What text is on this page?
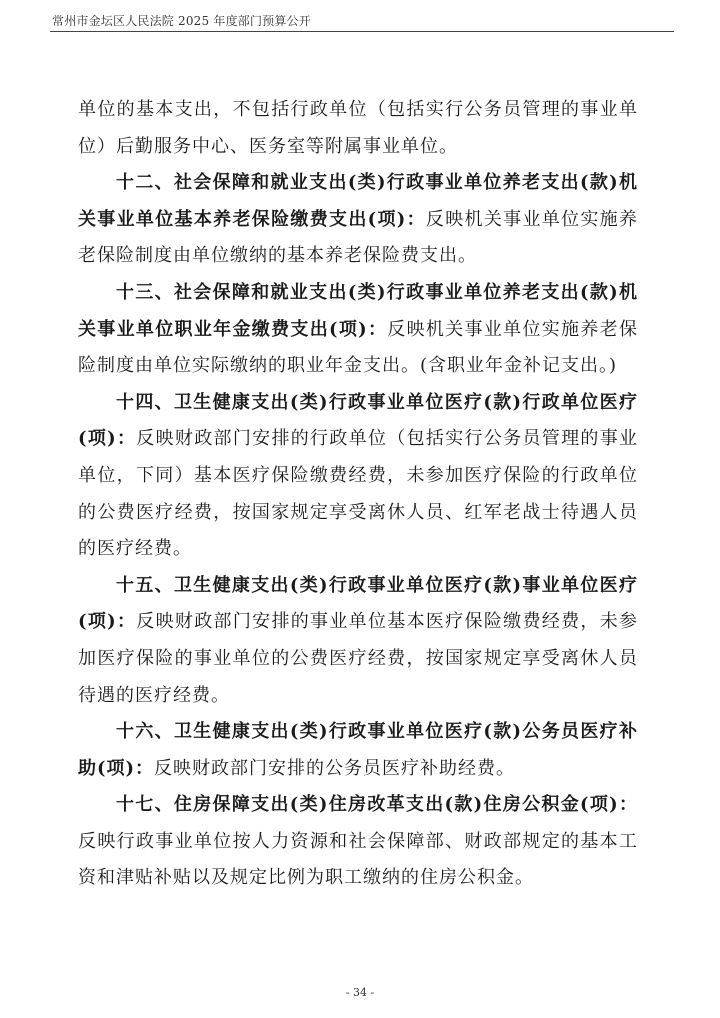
常州市金坛区人民法院 2025 年度部门预算公开

单位的基本支出，不包括行政单位（包括实行公务员管理的事业单位）后勤服务中心、医务室等附属事业单位。

十二、社会保障和就业支出(类)行政事业单位养老支出(款)机关事业单位基本养老保险缴费支出(项)：反映机关事业单位实施养老保险制度由单位缴纳的基本养老保险费支出。

十三、社会保障和就业支出(类)行政事业单位养老支出(款)机关事业单位职业年金缴费支出(项)：反映机关事业单位实施养老保险制度由单位实际缴纳的职业年金支出。(含职业年金补记支出。)

十四、卫生健康支出(类)行政事业单位医疗(款)行政单位医疗(项)：反映财政部门安排的行政单位（包括实行公务员管理的事业单位，下同）基本医疗保险缴费经费，未参加医疗保险的行政单位的公费医疗经费，按国家规定享受离休人员、红军老战士待遇人员的医疗经费。

十五、卫生健康支出(类)行政事业单位医疗(款)事业单位医疗(项)：反映财政部门安排的事业单位基本医疗保险缴费经费，未参加医疗保险的事业单位的公费医疗经费，按国家规定享受离休人员待遇的医疗经费。

十六、卫生健康支出(类)行政事业单位医疗(款)公务员医疗补助(项)：反映财政部门安排的公务员医疗补助经费。

十七、住房保障支出(类)住房改革支出(款)住房公积金(项)：反映行政事业单位按人力资源和社会保障部、财政部规定的基本工资和津贴补贴以及规定比例为职工缴纳的住房公积金。

- 34 -
